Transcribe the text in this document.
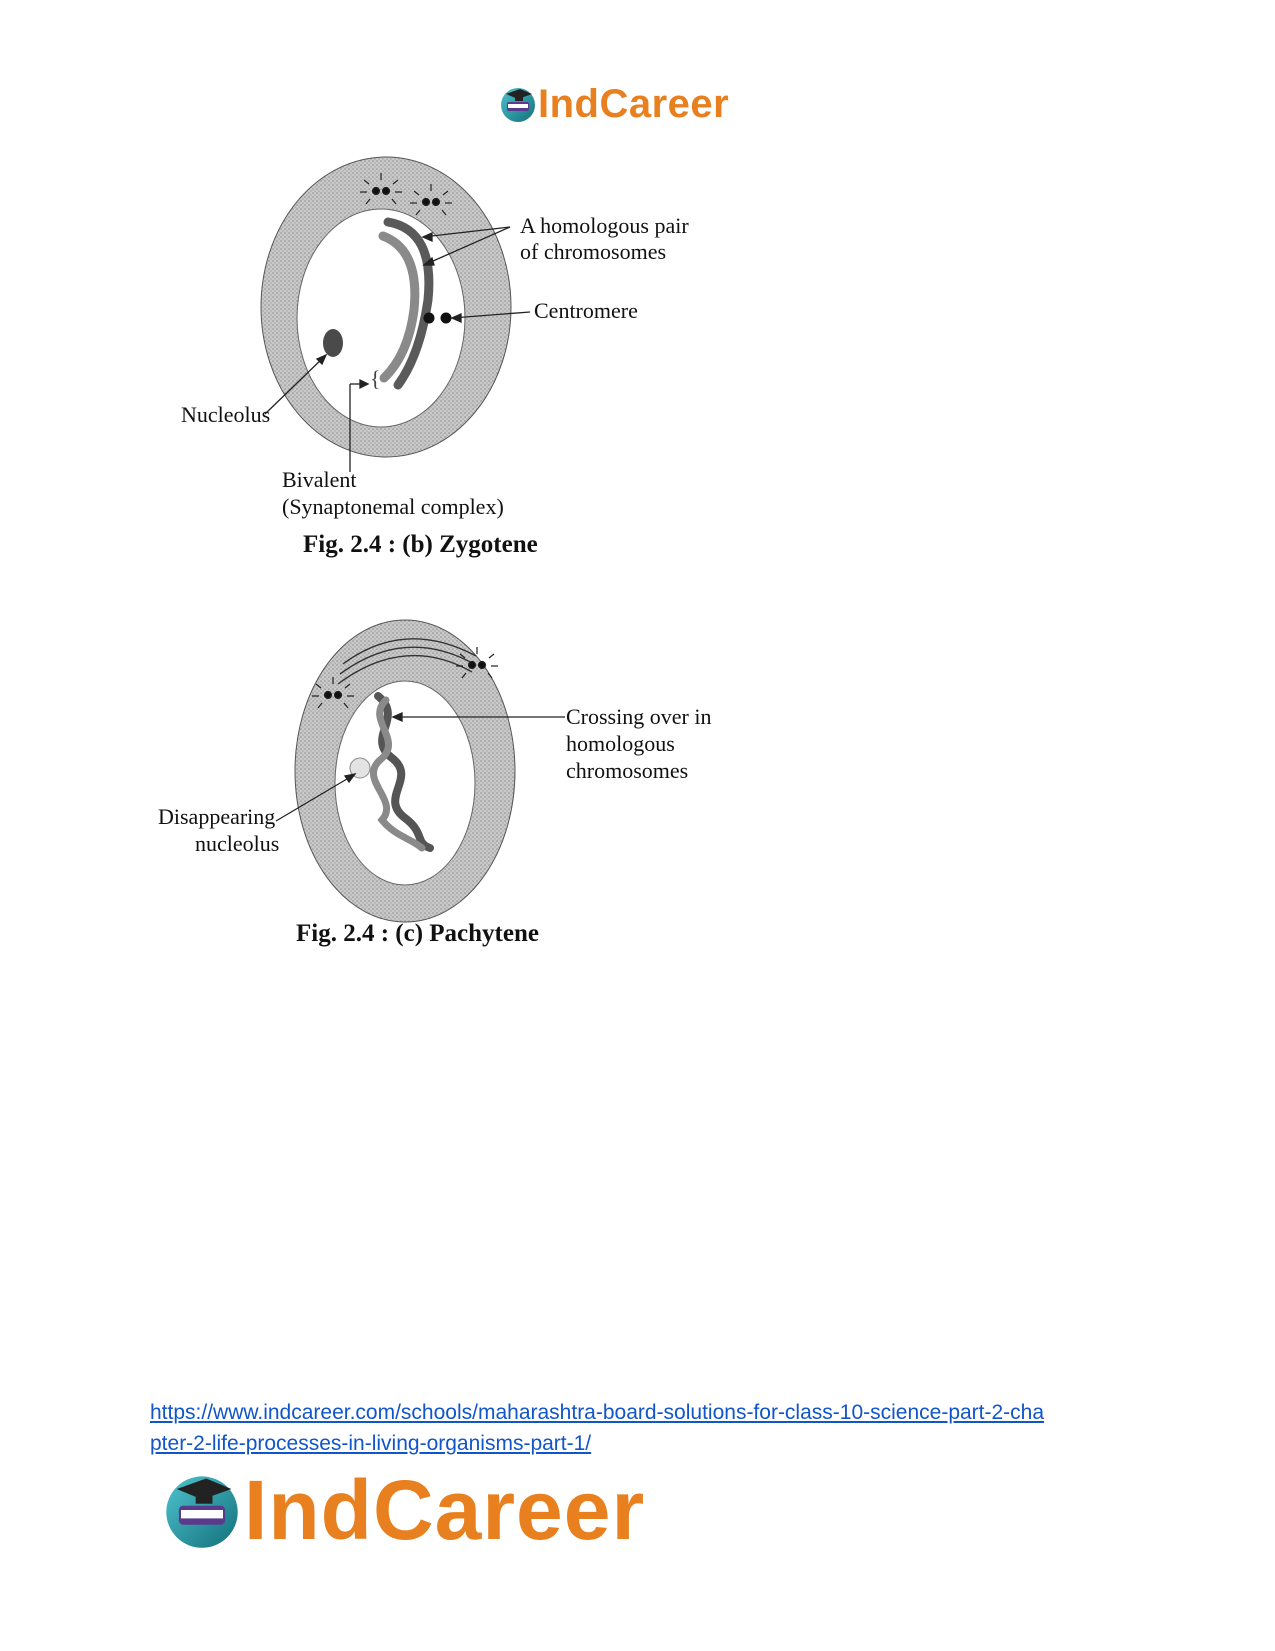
IndCareer
{
A homologous pair
of chromosomes
Centromere
Nucleolus
Bivalent
(Synaptonemal complex)
Fig. 2.4 : (b) Zygotene
Crossing over in
homologous
chromosomes
Disappearing
nucleolus
Fig. 2.4 : (c) Pachytene
https://www.indcareer.com/schools/maharashtra-board-solutions-for-class-10-science-part-2-cha
pter-2-life-processes-in-living-organisms-part-1/
IndCareer
